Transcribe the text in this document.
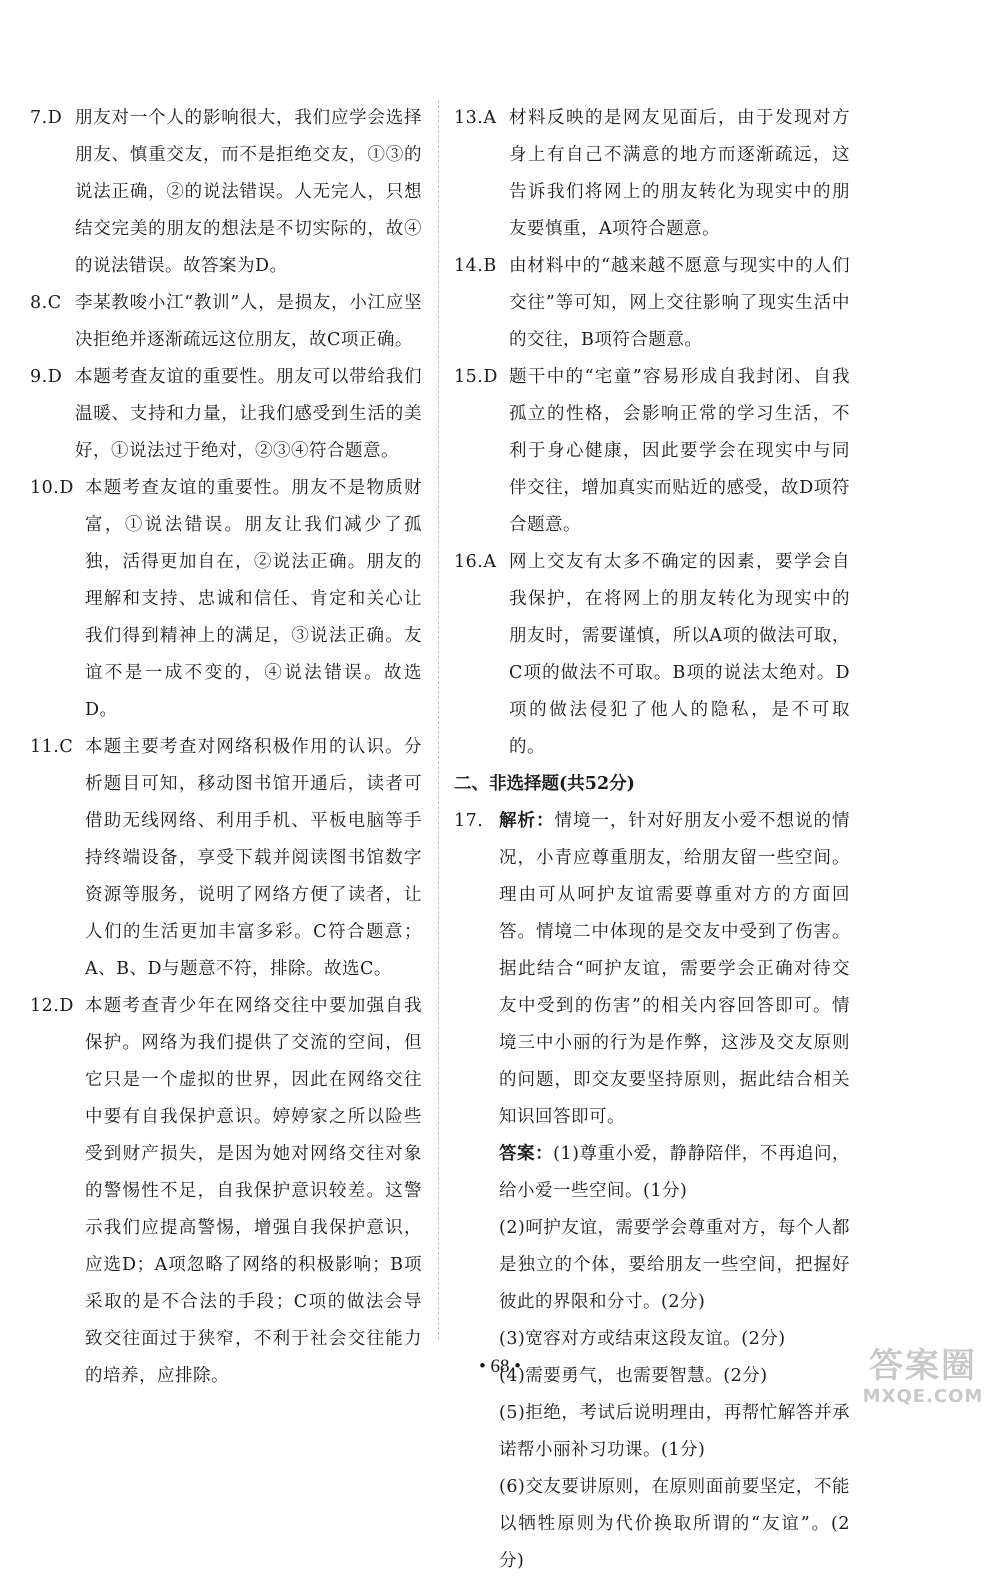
7.D 朋友对一个人的影响很大，我们应学会选择朋友、慎重交友，而不是拒绝交友，①③的说法正确，②的说法错误。人无完人，只想结交完美的朋友的想法是不切实际的，故④的说法错误。故答案为D。
8.C 李某教唆小江“教训”人，是损友，小江应坚决拒绝并逐渐疏远这位朋友，故C项正确。
9.D 本题考查友谊的重要性。朋友可以带给我们温暖、支持和力量，让我们感受到生活的美好，①说法过于绝对，②③④符合题意。
10.D 本题考查友谊的重要性。朋友不是物质财富，①说法错误。朋友让我们减少了孤独，活得更加自在，②说法正确。朋友的理解和支持、忠诚和信任、肯定和关心让我们得到精神上的满足，③说法正确。友谊不是一成不变的，④说法错误。故选D。
11.C 本题主要考查对网络积极作用的认识。分析题目可知，移动图书馆开通后，读者可借助无线网络、利用手机、平板电脑等手持终端设备，享受下载并阅读图书馆数字资源等服务，说明了网络方便了读者，让人们的生活更加丰富多彩。C符合题意；A、B、D与题意不符，排除。故选C。
12.D 本题考查青少年在网络交往中要加强自我保护。网络为我们提供了交流的空间，但它只是一个虚拟的世界，因此在网络交往中要有自我保护意识。婷婷家之所以险些受到财产损失，是因为她对网络交往对象的警惕性不足，自我保护意识较差。这警示我们应提高警惕，增强自我保护意识，应选D；A项忽略了网络的积极影响；B项采取的是不合法的手段；C项的做法会导致交往面过于狭窄，不利于社会交往能力的培养，应排除。
13.A 材料反映的是网友见面后，由于发现对方身上有自己不满意的地方而逐渐疏远，这告诉我们将网上的朋友转化为现实中的朋友要慎重，A项符合题意。
14.B 由材料中的“越来越不愿意与现实中的人们交往”等可知，网上交往影响了现实生活中的交往，B项符合题意。
15.D 题干中的“宅童”容易形成自我封闭、自我孤立的性格，会影响正常的学习生活，不利于身心健康，因此要学会在现实中与同伴交往，增加真实而贴近的感受，故D项符合题意。
16.A 网上交友有太多不确定的因素，要学会自我保护，在将网上的朋友转化为现实中的朋友时，需要谨慎，所以A项的做法可取，C项的做法不可取。B项的说法太绝对。D项的做法侵犯了他人的隐私，是不可取的。
二、非选择题(共52分)
17. 解析：情境一，针对好朋友小爱不想说的情况，小青应尊重朋友，给朋友留一些空间。理由可从呵护友谊需要尊重对方的方面回答。情境二中体现的是交友中受到了伤害。据此结合“呵护友谊，需要学会正确对待交友中受到的伤害”的相关内容回答即可。情境三中小丽的行为是作弊，这涉及交友原则的问题，即交友要坚持原则，据此结合相关知识回答即可。
答案：(1)尊重小爱，静静陪伴，不再追问，给小爱一些空间。(1分)
(2)呵护友谊，需要学会尊重对方，每个人都是独立的个体，要给朋友一些空间，把握好彼此的界限和分寸。(2分)
(3)宽容对方或结束这段友谊。(2分)
(4)需要勇气，也需要智慧。(2分)
(5)拒绝，考试后说明理由，再帮忙解答并承诺帮小丽补习功课。(1分)
(6)交友要讲原则，在原则面前要坚定，不能以牺牲原则为代价换取所谓的“友谊”。(2分)
• 68 •	答案圈
MXQE.COM
